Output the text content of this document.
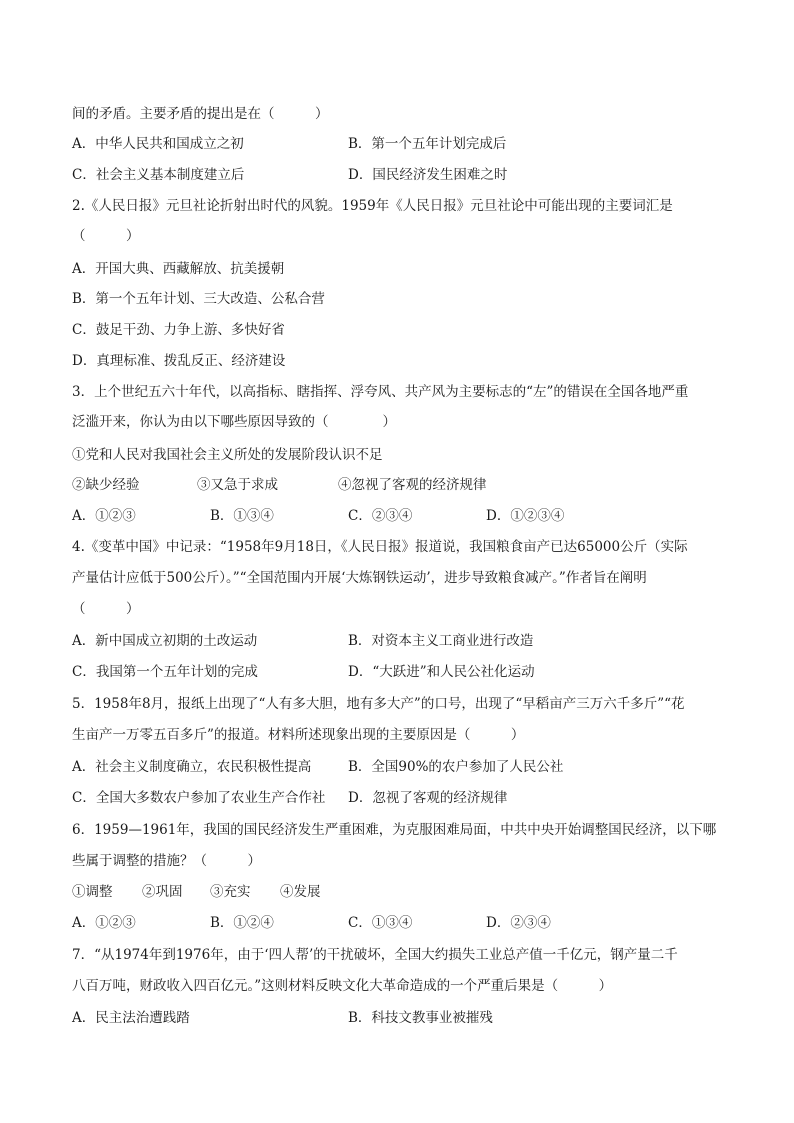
间的矛盾。主要矛盾的提出是在（　　　）
A．中华人民共和国成立之初	B．第一个五年计划完成后
C．社会主义基本制度建立后	D．国民经济发生困难之时
2.《人民日报》元旦社论折射出时代的风貌。1959年《人民日报》元旦社论中可能出现的主要词汇是
（　　　）
A．开国大典、西藏解放、抗美援朝
B．第一个五年计划、三大改造、公私合营
C．鼓足干劲、力争上游、多快好省
D．真理标准、拨乱反正、经济建设
3．上个世纪五六十年代，以高指标、瞎指挥、浮夸风、共产风为主要标志的“左”的错误在全国各地严重
泛滥开来，你认为由以下哪些原因导致的（　　　　）
①党和人民对我国社会主义所处的发展阶段认识不足
②缺少经验	③又急于求成	④忽视了客观的经济规律
A．①②③	B．①③④	C．②③④	D．①②③④
4.《变革中国》中记录：“1958年9月18日，《人民日报》报道说，我国粮食亩产已达65000公斤（实际
产量估计应低于500公斤）。”“全国范围内开展‘大炼钢铁运动’，进步导致粮食减产。”作者旨在阐明
（　　　）
A．新中国成立初期的土改运动	B．对资本主义工商业进行改造
C．我国第一个五年计划的完成	D．“大跃进”和人民公社化运动
5．1958年8月，报纸上出现了“人有多大胆，地有多大产”的口号，出现了“早稻亩产三万六千多斤”“花
生亩产一万零五百多斤”的报道。材料所述现象出现的主要原因是（　　　）
A．社会主义制度确立，农民积极性提高	B．全国90%的农户参加了人民公社
C．全国大多数农户参加了农业生产合作社 D．忽视了客观的经济规律
6．1959—1961年，我国的国民经济发生严重困难，为克服困难局面，中共中央开始调整国民经济，以下哪
些属于调整的措施？（　　　）
①调整 ②巩固 ③充实 ④发展
A．①②③	B．①②④	C．①③④	D．②③④
7．“从1974年到1976年，由于‘四人帮’的干扰破坏，全国大约损失工业总产值一千亿元，钢产量二千
八百万吨，财政收入四百亿元。”这则材料反映文化大革命造成的一个严重后果是（　　　）
A．民主法治遭践踏	B．科技文教事业被摧残
